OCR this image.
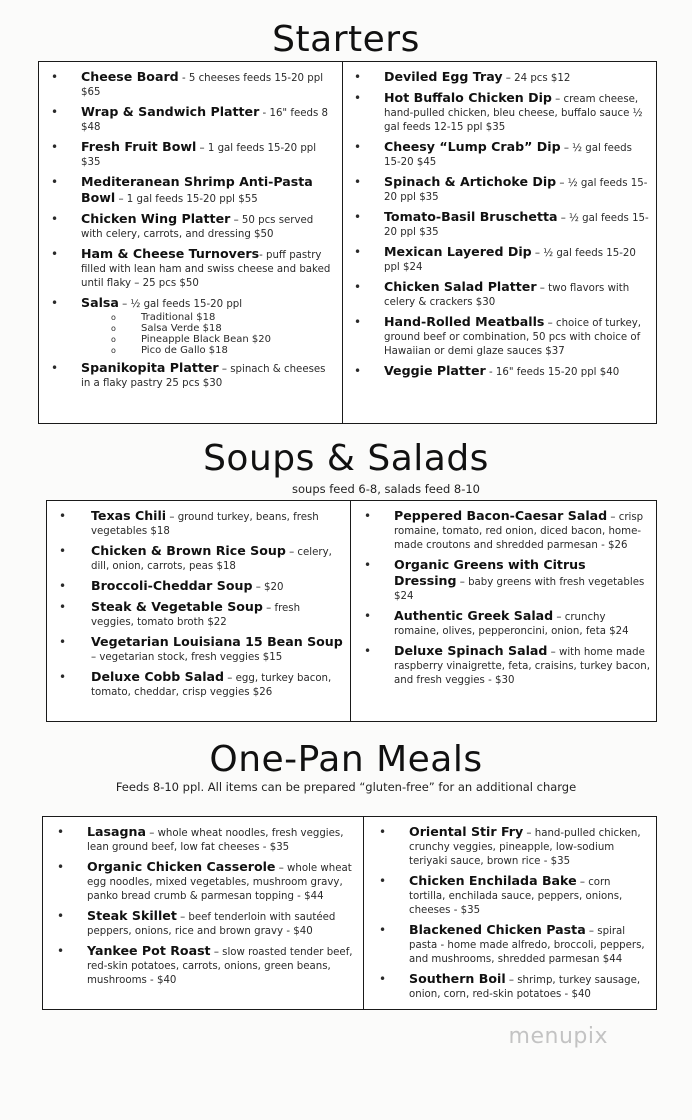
Starters
• Cheese Board - 5 cheeses feeds 15-20 ppl $65
• Wrap & Sandwich Platter - 16" feeds 8 $48
• Fresh Fruit Bowl – 1 gal feeds 15-20 ppl $35
• Mediteranean Shrimp Anti-Pasta Bowl – 1 gal feeds 15-20 ppl $55
• Chicken Wing Platter – 50 pcs served with celery, carrots, and dressing $50
• Ham & Cheese Turnovers- puff pastry filled with lean ham and swiss cheese and baked until flaky – 25 pcs $50
• Salsa – ½ gal feeds 15-20 ppl
o	Traditional $18
o	Salsa Verde $18
o	Pineapple Black Bean $20
o	Pico de Gallo $18
• Spanikopita Platter – spinach & cheeses in a flaky pastry 25 pcs $30
• Deviled Egg Tray – 24 pcs $12
• Hot Buffalo Chicken Dip – cream cheese, hand-pulled chicken, bleu cheese, buffalo sauce ½ gal feeds 12-15 ppl $35
• Cheesy “Lump Crab” Dip – ½ gal feeds 15-20 $45
• Spinach & Artichoke Dip – ½ gal feeds 15-20 ppl $35
• Tomato-Basil Bruschetta – ½ gal feeds 15-20 ppl $35
• Mexican Layered Dip – ½ gal feeds 15-20 ppl $24
• Chicken Salad Platter – two flavors with celery & crackers $30
• Hand-Rolled Meatballs – choice of turkey, ground beef or combination, 50 pcs with choice of Hawaiian or demi glaze sauces $37
• Veggie Platter - 16" feeds 15-20 ppl $40
Soups & Salads
soups feed 6-8, salads feed 8-10
• Texas Chili – ground turkey, beans, fresh vegetables $18
• Chicken & Brown Rice Soup – celery, dill, onion, carrots, peas $18
• Broccoli-Cheddar Soup – $20
• Steak & Vegetable Soup – fresh veggies, tomato broth $22
• Vegetarian Louisiana 15 Bean Soup – vegetarian stock, fresh veggies $15
• Deluxe Cobb Salad – egg, turkey bacon, tomato, cheddar, crisp veggies $26
• Peppered Bacon-Caesar Salad – crisp romaine, tomato, red onion, diced bacon, home-made croutons and shredded parmesan - $26
• Organic Greens with Citrus Dressing – baby greens with fresh vegetables $24
• Authentic Greek Salad – crunchy romaine, olives, pepperoncini, onion, feta $24
• Deluxe Spinach Salad – with home made raspberry vinaigrette, feta, craisins, turkey bacon, and fresh veggies - $30
One-Pan Meals
Feeds 8-10 ppl. All items can be prepared “gluten-free” for an additional charge
• Lasagna – whole wheat noodles, fresh veggies, lean ground beef, low fat cheeses - $35
• Organic Chicken Casserole – whole wheat egg noodles, mixed vegetables, mushroom gravy, panko bread crumb & parmesan topping - $44
• Steak Skillet – beef tenderloin with sautéed peppers, onions, rice and brown gravy - $40
• Yankee Pot Roast – slow roasted tender beef, red-skin potatoes, carrots, onions, green beans, mushrooms - $40
• Oriental Stir Fry – hand-pulled chicken, crunchy veggies, pineapple, low-sodium teriyaki sauce, brown rice - $35
• Chicken Enchilada Bake – corn tortilla, enchilada sauce, peppers, onions, cheeses - $35
• Blackened Chicken Pasta – spiral pasta - home made alfredo, broccoli, peppers, and mushrooms, shredded parmesan $44
• Southern Boil – shrimp, turkey sausage, onion, corn, red-skin potatoes - $40
menupix
